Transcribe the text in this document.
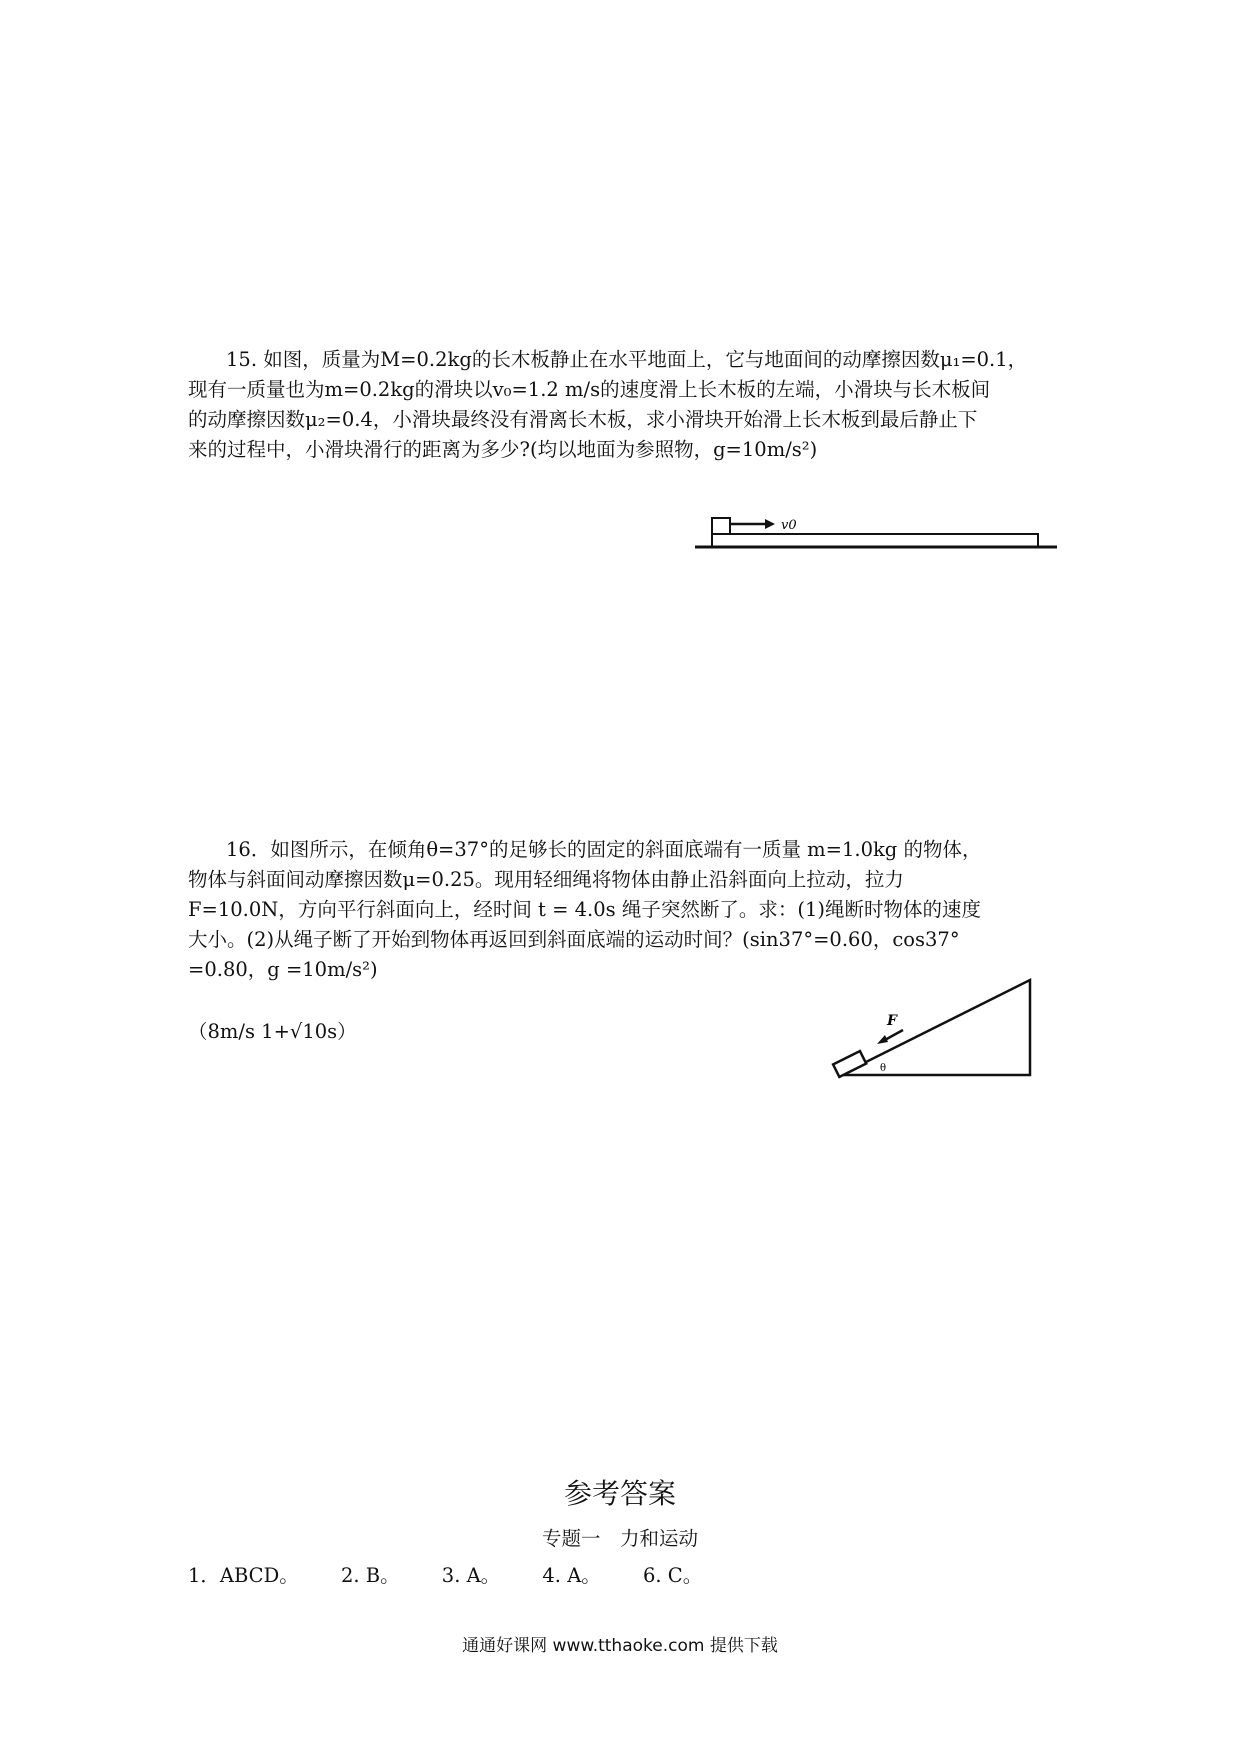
15. 如图，质量为M=0.2kg的长木板静止在水平地面上，它与地面间的动摩擦因数μ₁=0.1，

现有一质量也为m=0.2kg的滑块以v₀=1.2 m/s的速度滑上长木板的左端，小滑块与长木板间

的动摩擦因数μ₂=0.4，小滑块最终没有滑离长木板，求小滑块开始滑上长木板到最后静止下

来的过程中，小滑块滑行的距离为多少?(均以地面为参照物，g=10m/s²)

v0

16．如图所示，在倾角θ=37°的足够长的固定的斜面底端有一质量 m=1.0kg 的物体，

物体与斜面间动摩擦因数μ=0.25。现用轻细绳将物体由静止沿斜面向上拉动，拉力

F=10.0N，方向平行斜面向上，经时间 t = 4.0s 绳子突然断了。求：(1)绳断时物体的速度

大小。(2)从绳子断了开始到物体再返回到斜面底端的运动时间？(sin37°=0.60，cos37°

=0.80，g =10m/s²)

（8m/s 1+√10s）	F
θ
参考答案
专题一　力和运动
1．ABCD。 2. B。 3. A。 4. A。 6. C。
通通好课网 www.tthaoke.com 提供下载
